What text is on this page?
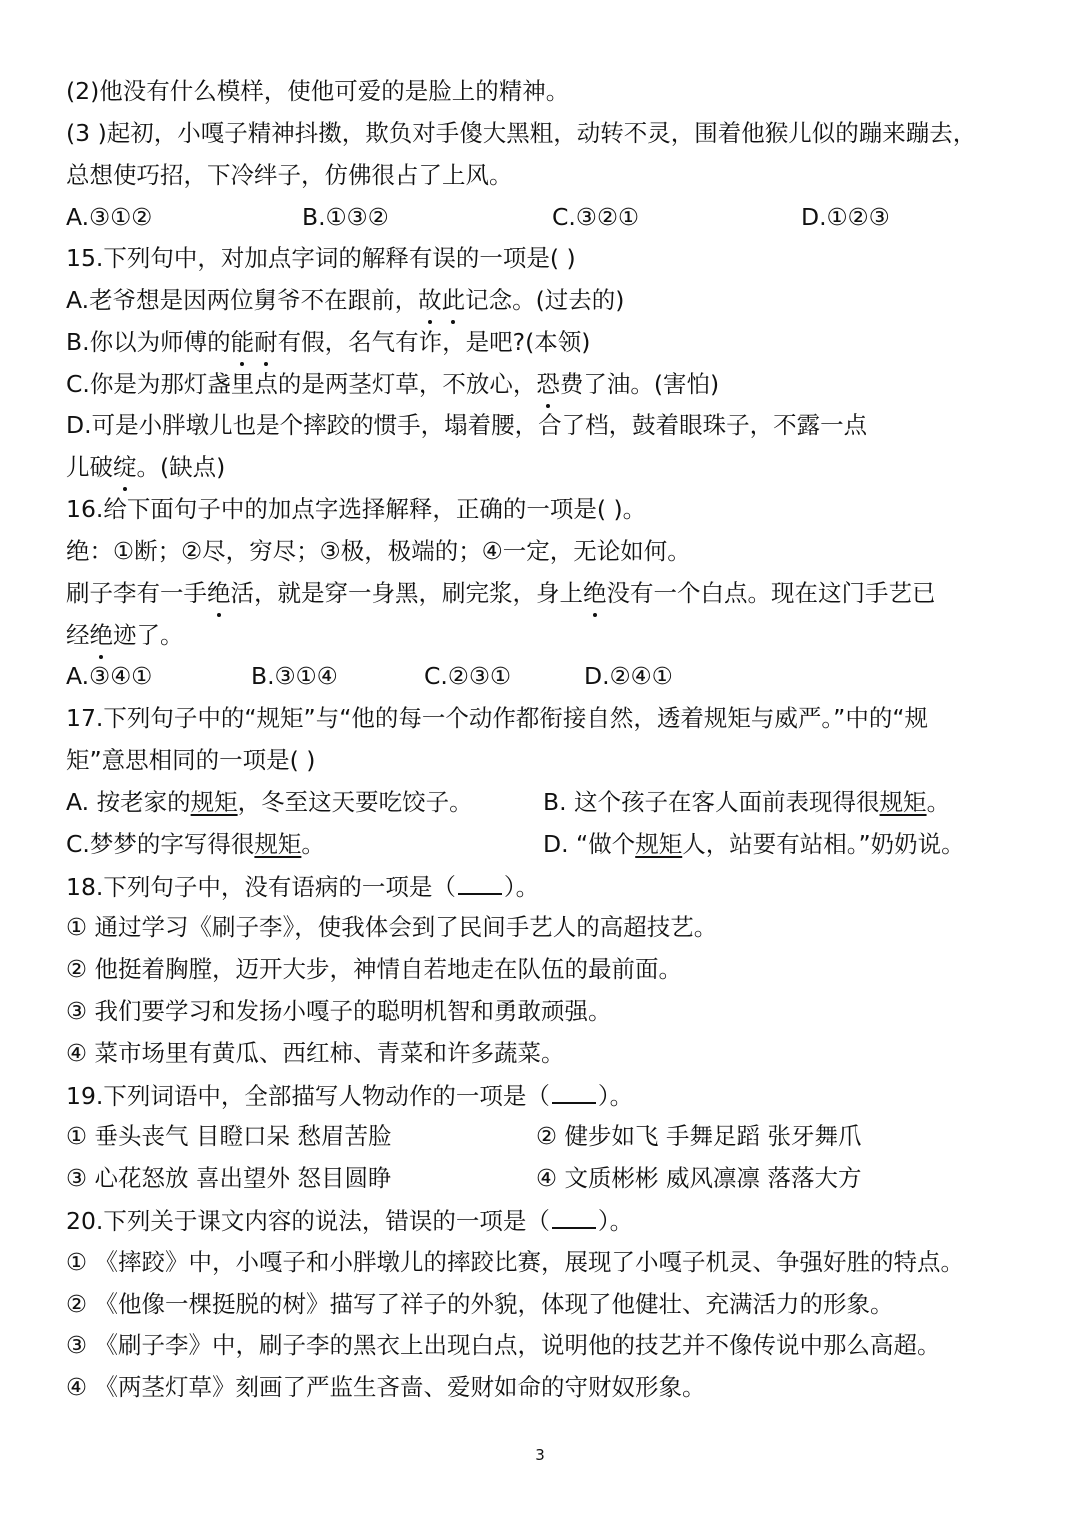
(2)他没有什么模样，使他可爱的是脸上的精神。
(3 )起初，小嘎子精神抖擞，欺负对手傻大黑粗，动转不灵，围着他猴儿似的蹦来蹦去，
总想使巧招，下冷绊子，仿佛很占了上风。
A.③①②	B.①③②	C.③②①	D.①②③
15.下列句中，对加点字词的解释有误的一项是( )
A.老爷想是因两位舅爷不在跟前，故此记念。(过去的)
B.你以为师傅的能耐有假，名气有诈，是吧?(本领)
C.你是为那灯盏里点的是两茎灯草，不放心，恐费了油。(害怕)
D.可是小胖墩儿也是个摔跤的惯手，塌着腰，合了档，鼓着眼珠子，不露一点
儿破绽。(缺点)
16.给下面句子中的加点字选择解释，正确的一项是( )。
绝：①断；②尽，穷尽；③极，极端的；④一定，无论如何。
刷子李有一手绝活，就是穿一身黑，刷完浆，身上绝没有一个白点。现在这门手艺已
经绝迹了。
A.③④①	B.③①④	C.②③①	D.②④①
17.下列句子中的“规矩”与“他的每一个动作都衔接自然，透着规矩与威严。”中的“规
矩”意思相同的一项是( )
A. 按老家的规矩，冬至这天要吃饺子。	B. 这个孩子在客人面前表现得很规矩。
C.梦梦的字写得很规矩。	D. “做个规矩人，站要有站相。”奶奶说。
18.下列句子中，没有语病的一项是（ ）。
① 通过学习《刷子李》，使我体会到了民间手艺人的高超技艺。
② 他挺着胸膛，迈开大步，神情自若地走在队伍的最前面。
③ 我们要学习和发扬小嘎子的聪明机智和勇敢顽强。
④ 菜市场里有黄瓜、西红柿、青菜和许多蔬菜。
19.下列词语中，全部描写人物动作的一项是（ ）。
① 垂头丧气 目瞪口呆 愁眉苦脸	② 健步如飞 手舞足蹈 张牙舞爪
③ 心花怒放 喜出望外 怒目圆睁	④ 文质彬彬 威风凛凛 落落大方
20.下列关于课文内容的说法，错误的一项是（ ）。
① 《摔跤》中，小嘎子和小胖墩儿的摔跤比赛，展现了小嘎子机灵、争强好胜的特点。
② 《他像一棵挺脱的树》描写了祥子的外貌，体现了他健壮、充满活力的形象。
③ 《刷子李》中，刷子李的黑衣上出现白点，说明他的技艺并不像传说中那么高超。
④ 《两茎灯草》刻画了严监生吝啬、爱财如命的守财奴形象。
3
